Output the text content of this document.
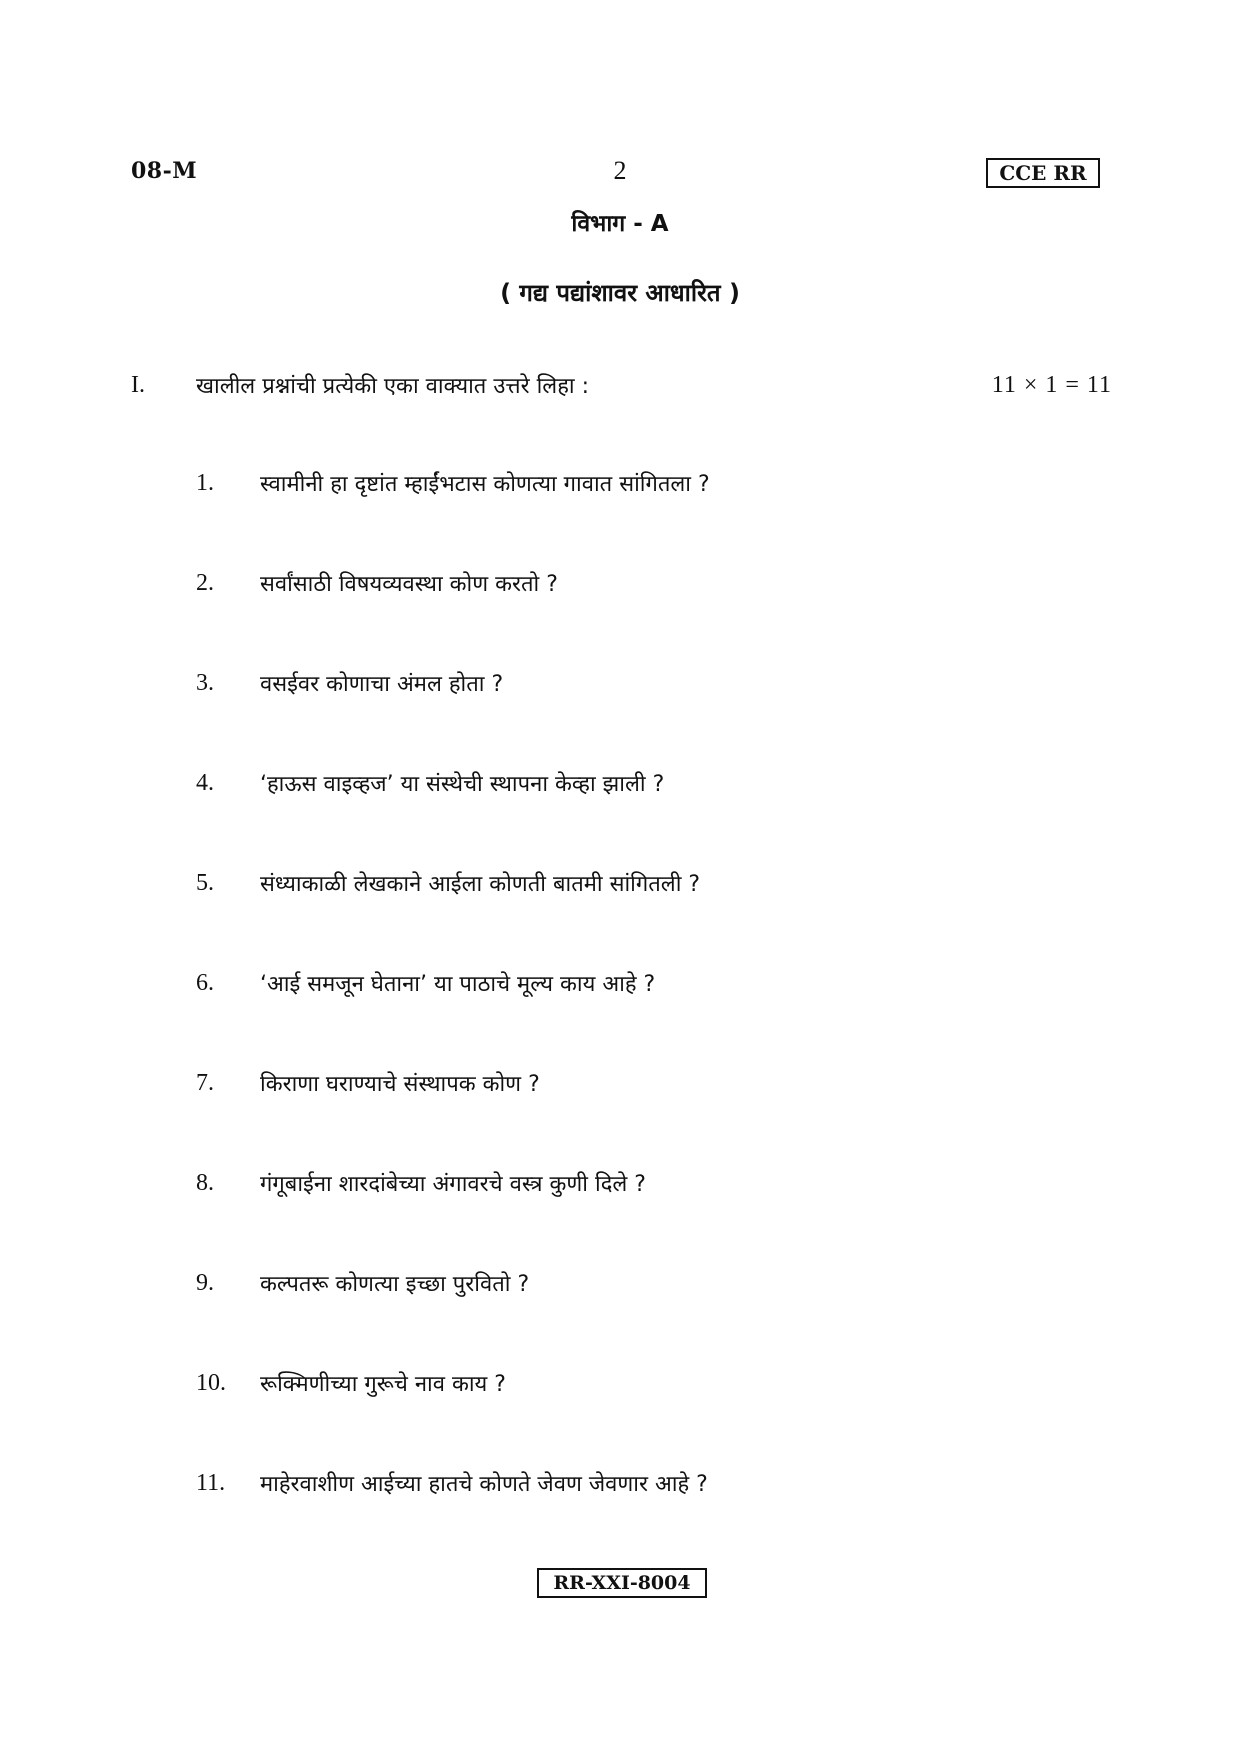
08-M	2	CCE RR
विभाग - A
( गद्य पद्यांशावर आधारित )
I. खालील प्रश्नांची प्रत्येकी एका वाक्यात उत्तरे लिहा :	11 × 1 = 11
1. स्वामीनी हा दृष्टांत म्हाईंभटास कोणत्या गावात सांगितला ?
2. सर्वांसाठी विषयव्यवस्था कोण करतो ?
3. वसईवर कोणाचा अंमल होता ?
4. ‘हाऊस वाइव्हज’ या संस्थेची स्थापना केव्हा झाली ?
5. संध्याकाळी लेखकाने आईला कोणती बातमी सांगितली ?
6. ‘आई समजून घेताना’ या पाठाचे मूल्य काय आहे ?
7. किराणा घराण्याचे संस्थापक कोण ?
8. गंगूबाईना शारदांबेच्या अंगावरचे वस्त्र कुणी दिले ?
9. कल्पतरू कोणत्या इच्छा पुरवितो ?
10. रूक्मिणीच्या गुरूचे नाव काय ?
11. माहेरवाशीण आईच्या हातचे कोणते जेवण जेवणार आहे ?
RR-XXI-8004
